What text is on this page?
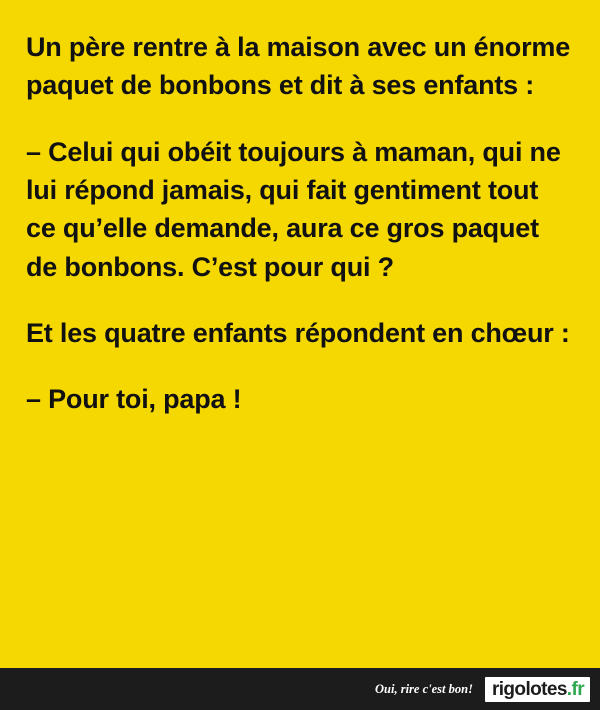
Un père rentre à la maison avec un énorme paquet de bonbons et dit à ses enfants :

– Celui qui obéit toujours à maman, qui ne lui répond jamais, qui fait gentiment tout ce qu’elle demande, aura ce gros paquet de bonbons. C’est pour qui ?

Et les quatre enfants répondent en chœur :

– Pour toi, papa !

Oui, rire c'est bon! rigolotes .fr
